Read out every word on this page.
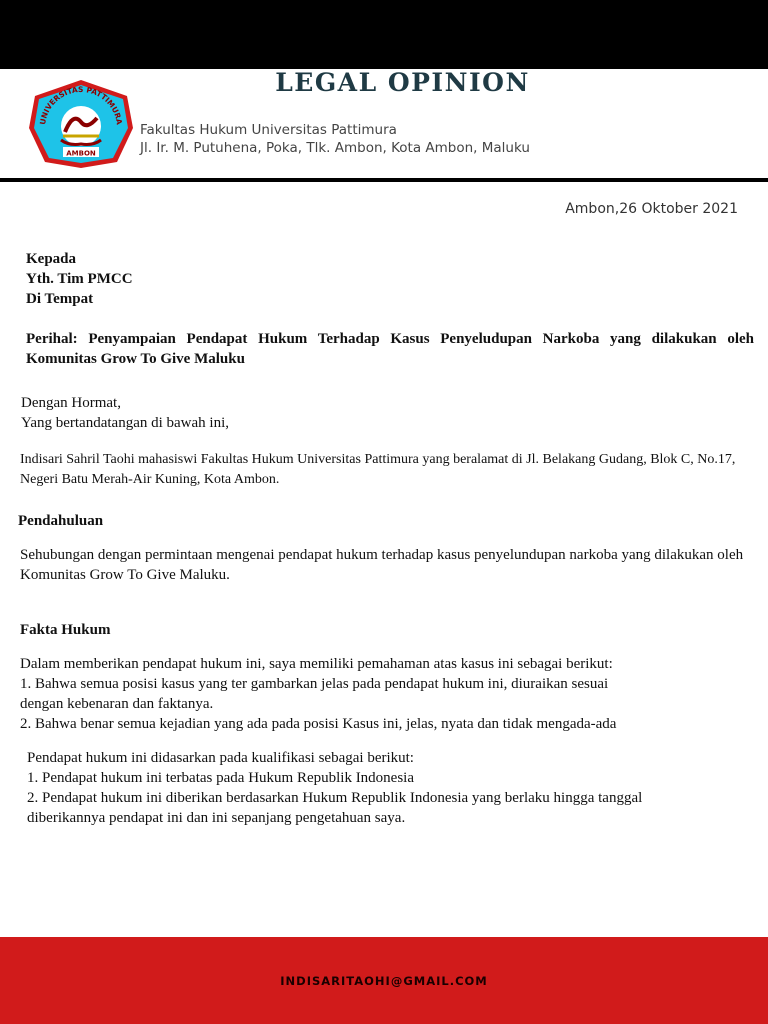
LEGAL OPINION
UNIVERSITAS PATTIMURA
AMBON
Fakultas Hukum Universitas Pattimura
Jl. Ir. M. Putuhena, Poka, Tlk. Ambon, Kota Ambon, Maluku
Ambon,26 Oktober 2021
Kepada
Yth. Tim PMCC
Di Tempat
Perihal: Penyampaian Pendapat Hukum Terhadap Kasus Penyeludupan Narkoba yang dilakukan oleh Komunitas Grow To Give Maluku
Dengan Hormat,
Yang bertandatangan di bawah ini,
Indisari Sahril Taohi mahasiswi Fakultas Hukum Universitas Pattimura yang beralamat di Jl. Belakang Gudang, Blok C, No.17, Negeri Batu Merah-Air Kuning, Kota Ambon.
Pendahuluan
Sehubungan dengan permintaan mengenai pendapat hukum terhadap kasus penyelundupan narkoba yang dilakukan oleh Komunitas Grow To Give Maluku.
Fakta Hukum
Dalam memberikan pendapat hukum ini, saya memiliki pemahaman atas kasus ini sebagai berikut:
1. Bahwa semua posisi kasus yang ter gambarkan jelas pada pendapat hukum ini, diuraikan sesuai
dengan kebenaran dan faktanya.
2. Bahwa benar semua kejadian yang ada pada posisi Kasus ini, jelas, nyata dan tidak mengada-ada
Pendapat hukum ini didasarkan pada kualifikasi sebagai berikut:
1. Pendapat hukum ini terbatas pada Hukum Republik Indonesia
2. Pendapat hukum ini diberikan berdasarkan Hukum Republik Indonesia yang berlaku hingga tanggal
diberikannya pendapat ini dan ini sepanjang pengetahuan saya.
INDISARITAOHI@GMAIL.COM
